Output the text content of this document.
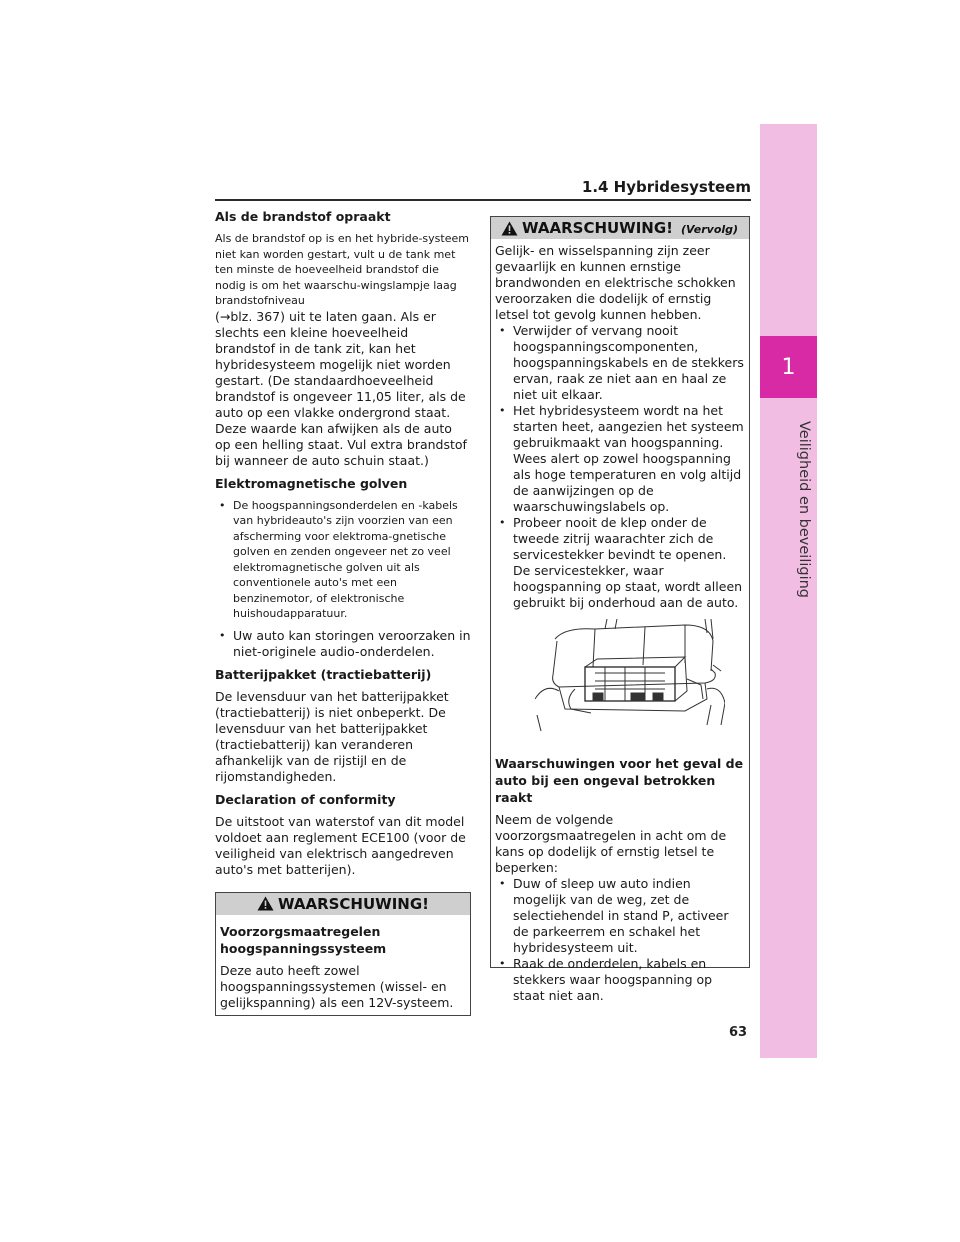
1
Veiligheid en beveiliging
1.4 Hybridesysteem
Als de brandstof opraakt

Als de brandstof op is en het hybride-systeem niet kan worden gestart, vult u de tank met ten minste de hoeveelheid brandstof die nodig is om het waarschu-wingslampje laag brandstofniveau

(→blz. 367) uit te laten gaan. Als er slechts een kleine hoeveelheid brandstof in de tank zit, kan het hybridesysteem mogelijk niet worden gestart. (De standaardhoeveelheid brandstof is ongeveer 11,05 liter, als de auto op een vlakke ondergrond staat. Deze waarde kan afwijken als de auto op een helling staat. Vul extra brandstof bij wanneer de auto schuin staat.)

Elektromagnetische golven
• De hoogspanningsonderdelen en -kabels van hybrideauto's zijn voorzien van een afscherming voor elektroma-gnetische golven en zenden ongeveer net zo veel elektromagnetische golven uit als conventionele auto's met een benzinemotor, of elektronische huishoudapparatuur.
• Uw auto kan storingen veroorzaken in niet-originele audio-onderdelen.
Batterijpakket (tractiebatterij)

De levensduur van het batterijpakket (tractiebatterij) is niet onbeperkt. De levensduur van het batterijpakket (tractiebatterij) kan veranderen afhankelijk van de rijstijl en de rijomstandigheden.

Declaration of conformity

De uitstoot van waterstof van dit model voldoet aan reglement ECE100 (voor de veiligheid van elektrisch aangedreven auto's met batterijen).

WAARSCHUWING!
Voorzorgsmaatregelen hoogspanningssysteem

Deze auto heeft zowel hoogspanningssystemen (wissel- en gelijkspanning) als een 12V-systeem.

WAARSCHUWING! (Vervolg)

Gelijk- en wisselspanning zijn zeer gevaarlijk en kunnen ernstige brandwonden en elektrische schokken veroorzaken die dodelijk of ernstig letsel tot gevolg kunnen hebben.

• Verwijder of vervang nooit hoogspanningscomponenten, hoogspanningskabels en de stekkers ervan, raak ze niet aan en haal ze niet uit elkaar.
• Het hybridesysteem wordt na het starten heet, aangezien het systeem gebruikmaakt van hoogspanning. Wees alert op zowel hoogspanning als hoge temperaturen en volg altijd de aanwijzingen op de waarschuwingslabels op.
• Probeer nooit de klep onder de tweede zitrij waarachter zich de servicestekker bevindt te openen. De servicestekker, waar hoogspanning op staat, wordt alleen gebruikt bij onderhoud aan de auto.
Waarschuwingen voor het geval de auto bij een ongeval betrokken raakt

Neem de volgende voorzorgsmaatregelen in acht om de kans op dodelijk of ernstig letsel te beperken:

• Duw of sleep uw auto indien mogelijk van de weg, zet de selectiehendel in stand P, activeer de parkeerrem en schakel het hybridesysteem uit.
• Raak de onderdelen, kabels en stekkers waar hoogspanning op staat niet aan.
63
